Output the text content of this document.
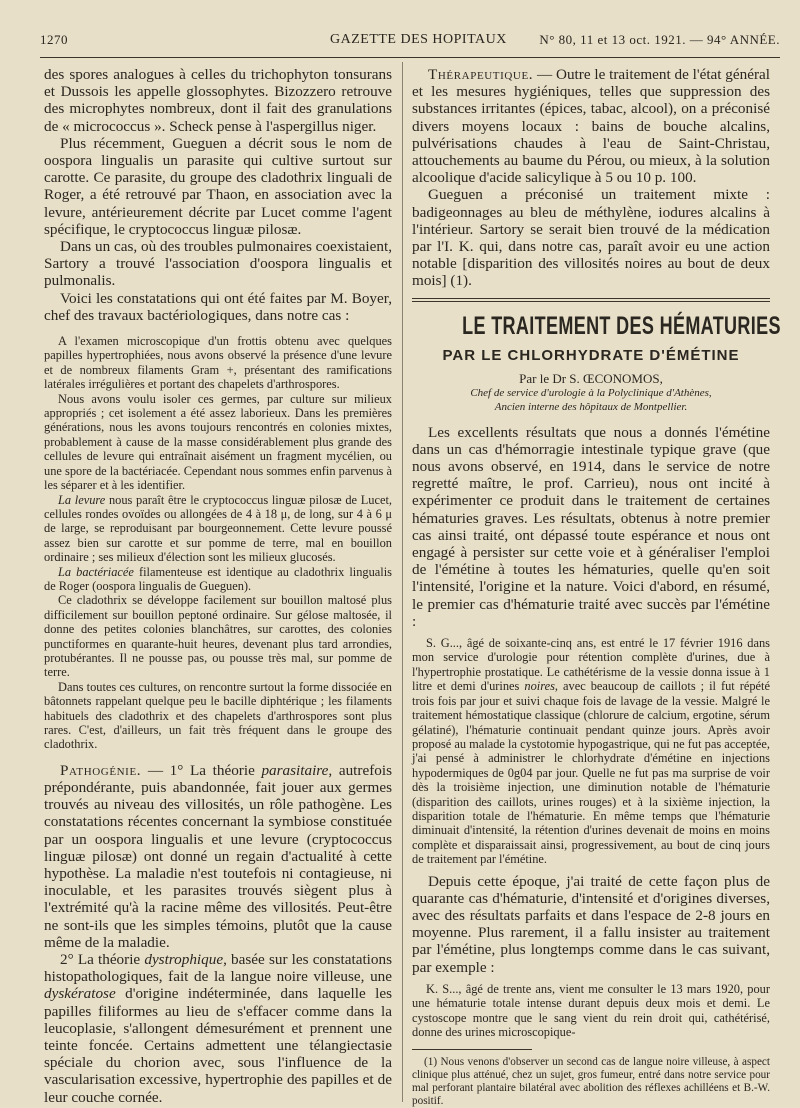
1270	GAZETTE DES HOPITAUX N° 80, 11 et 13 oct. 1921. — 94° ANNÉE.

des spores analogues à celles du trichophyton tonsurans et Dussois les appelle glossophytes. Bizozzero retrouve des microphytes nombreux, dont il fait des granulations de « micrococcus ». Scheck pense à l'aspergillus niger.

Plus récemment, Gueguen a décrit sous le nom de oospora lingualis un parasite qui cultive surtout sur carotte. Ce parasite, du groupe des cladothrix linguali de Roger, a été retrouvé par Thaon, en association avec la levure, antérieurement décrite par Lucet comme l'agent spécifique, le cryptococcus linguæ pilosæ.

Dans un cas, où des troubles pulmonaires coexistaient, Sartory a trouvé l'association d'oospora lingualis et pulmonalis.

Voici les constatations qui ont été faites par M. Boyer, chef des travaux bactériologiques, dans notre cas :

A l'examen microscopique d'un frottis obtenu avec quelques papilles hypertrophiées, nous avons observé la présence d'une levure et de nombreux filaments Gram +, présentant des ramifications latérales irrégulières et portant des chapelets d'arthrospores.

Nous avons voulu isoler ces germes, par culture sur milieux appropriés ; cet isolement a été assez laborieux. Dans les premières générations, nous les avons toujours rencontrés en colonies mixtes, probablement à cause de la masse considérablement plus grande des cellules de levure qui entraînait aisément un fragment mycélien, ou une spore de la bactériacée. Cependant nous sommes enfin parvenus à les séparer et à les identifier.

La levure nous paraît être le cryptococcus linguæ pilosæ de Lucet, cellules rondes ovoïdes ou allongées de 4 à 18 μ, de long, sur 4 à 6 μ de large, se reproduisant par bourgeonnement. Cette levure poussé assez bien sur carotte et sur pomme de terre, mal en bouillon ordinaire ; ses milieux d'élection sont les milieux glucosés.

La bactériacée filamenteuse est identique au cladothrix lingualis de Roger (oospora lingualis de Gueguen).

Ce cladothrix se développe facilement sur bouillon maltosé plus difficilement sur bouillon peptoné ordinaire. Sur gélose maltosée, il donne des petites colonies blanchâtres, sur carottes, des colonies punctiformes en quarante-huit heures, devenant plus tard arrondies, protubérantes. Il ne pousse pas, ou pousse très mal, sur pomme de terre.

Dans toutes ces cultures, on rencontre surtout la forme dissociée en bâtonnets rappelant quelque peu le bacille diphtérique ; les filaments habituels des cladothrix et des chapelets d'arthrospores sont plus rares. C'est, d'ailleurs, un fait très fréquent dans le groupe des cladothrix.

Pathogénie. — 1° La théorie parasitaire, autrefois prépondérante, puis abandonnée, fait jouer aux germes trouvés au niveau des villosités, un rôle pathogène. Les constatations récentes concernant la symbiose constituée par un oospora lingualis et une levure (cryptococcus linguæ pilosæ) ont donné un regain d'actualité à cette hypothèse. La maladie n'est toutefois ni contagieuse, ni inoculable, et les parasites trouvés siègent plus à l'extrémité qu'à la racine même des villosités. Peut-être ne sont-ils que les simples témoins, plutôt que la cause même de la maladie.

2° La théorie dystrophique, basée sur les constatations histopathologiques, fait de la langue noire villeuse, une dyskératose d'origine indéterminée, dans laquelle les papilles filiformes au lieu de s'effacer comme dans la leucoplasie, s'allongent démesurément et prennent une teinte foncée. Certains admettent une télangiectasie spéciale du chorion avec, sous l'influence de la vascularisation excessive, hypertrophie des papilles et de leur couche cornée.

Thérapeutique. — Outre le traitement de l'état général et les mesures hygiéniques, telles que suppression des substances irritantes (épices, tabac, alcool), on a préconisé divers moyens locaux : bains de bouche alcalins, pulvérisations chaudes à l'eau de Saint-Christau, attouchements au baume du Pérou, ou mieux, à la solution alcoolique d'acide salicylique à 5 ou 10 p. 100.

Gueguen a préconisé un traitement mixte : badigeonnages au bleu de méthylène, iodures alcalins à l'intérieur. Sartory se serait bien trouvé de la médication par l'I. K. qui, dans notre cas, paraît avoir eu une action notable [disparition des villosités noires au bout de deux mois] (1).

LE TRAITEMENT DES HÉMATURIES
PAR LE CHLORHYDRATE D'ÉMÉTINE
Par le Dr S. ŒCONOMOS,
Chef de service d'urologie à la Polyclinique d'Athènes,
Ancien interne des hôpitaux de Montpellier.

Les excellents résultats que nous a donnés l'émétine dans un cas d'hémorragie intestinale typique grave (que nous avons observé, en 1914, dans le service de notre regretté maître, le prof. Carrieu), nous ont incité à expérimenter ce produit dans le traitement de certaines hématuries graves. Les résultats, obtenus à notre premier cas ainsi traité, ont dépassé toute espérance et nous ont engagé à persister sur cette voie et à généraliser l'emploi de l'émétine à toutes les hématuries, quelle qu'en soit l'intensité, l'origine et la nature. Voici d'abord, en résumé, le premier cas d'hématurie traité avec succès par l'émétine :

S. G..., âgé de soixante-cinq ans, est entré le 17 février 1916 dans mon service d'urologie pour rétention complète d'urines, due à l'hypertrophie prostatique. Le cathétérisme de la vessie donna issue à 1 litre et demi d'urines noires, avec beaucoup de caillots ; il fut répété trois fois par jour et suivi chaque fois de lavage de la vessie. Malgré le traitement hémostatique classique (chlorure de calcium, ergotine, sérum gélatiné), l'hématurie continuait pendant quinze jours. Après avoir proposé au malade la cystotomie hypogastrique, qui ne fut pas acceptée, j'ai pensé à administrer le chlorhydrate d'émétine en injections hypodermiques de 0g04 par jour. Quelle ne fut pas ma surprise de voir dès la troisième injection, une diminution notable de l'hématurie (disparition des caillots, urines rouges) et à la sixième injection, la disparition totale de l'hématurie. En même temps que l'hématurie diminuait d'intensité, la rétention d'urines devenait de moins en moins complète et disparaissait ainsi, progressivement, au bout de cinq jours de traitement par l'émétine.

Depuis cette époque, j'ai traité de cette façon plus de quarante cas d'hématurie, d'intensité et d'origines diverses, avec des résultats parfaits et dans l'espace de 2-8 jours en moyenne. Plus rarement, il a fallu insister au traitement par l'émétine, plus longtemps comme dans le cas suivant, par exemple :

K. S..., âgé de trente ans, vient me consulter le 13 mars 1920, pour une hématurie totale intense durant depuis deux mois et demi. Le cystoscope montre que le sang vient du rein droit qui, cathétérisé, donne des urines microscopique-

(1) Nous venons d'observer un second cas de langue noire villeuse, à aspect clinique plus atténué, chez un sujet, gros fumeur, entré dans notre service pour mal perforant plantaire bilatéral avec abolition des réflexes achilléens et B.-W. positif.
